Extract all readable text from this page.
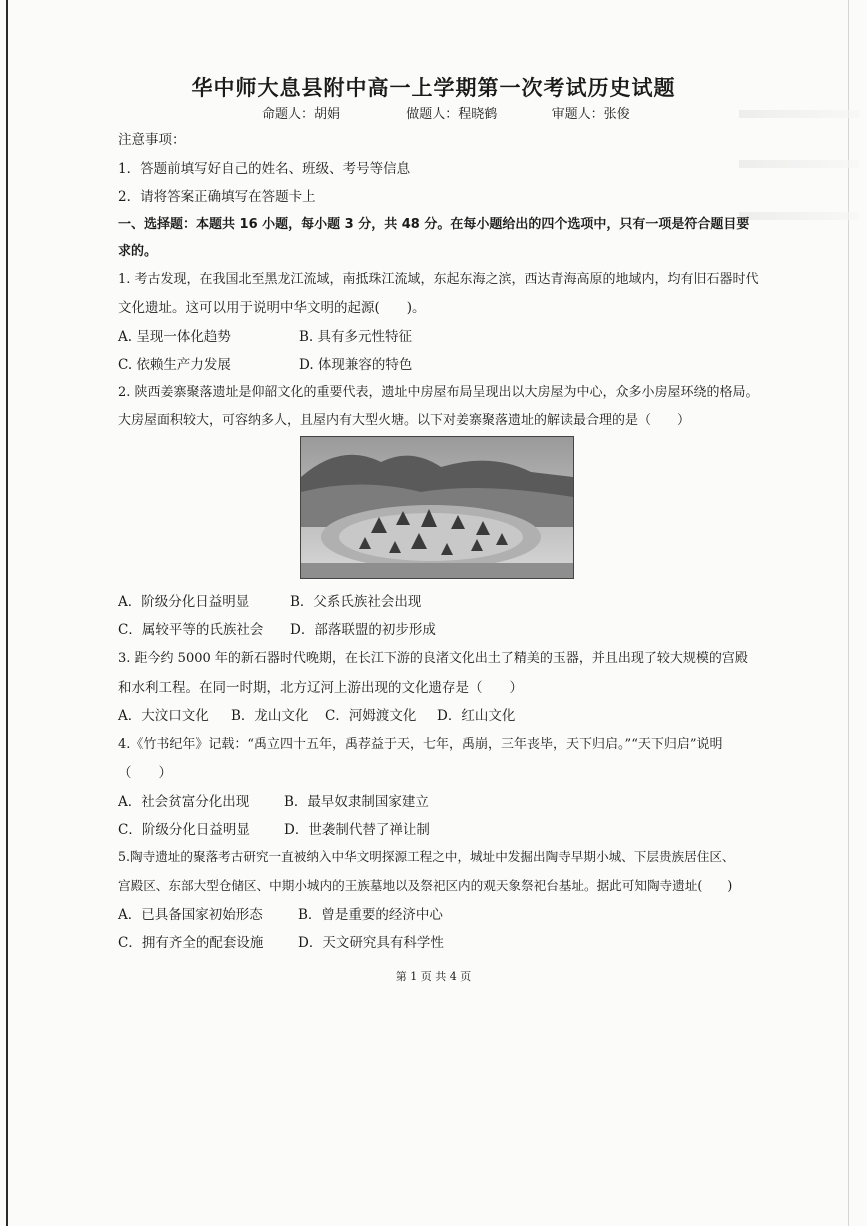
华中师大息县附中高一上学期第一次考试历史试题
命题人：胡娟	做题人：程晓鹤	审题人：张俊
注意事项：
1．答题前填写好自己的姓名、班级、考号等信息
2．请将答案正确填写在答题卡上
一、选择题：本题共 16 小题，每小题 3 分，共 48 分。在每小题给出的四个选项中，只有一项是符合题目要
求的。
1. 考古发现，在我国北至黑龙江流域，南抵珠江流域，东起东海之滨，西达青海高原的地域内，均有旧石器时代
文化遗址。这可以用于说明中华文明的起源(　　)。
A. 呈现一体化趋势	B. 具有多元性特征
C. 依赖生产力发展	D. 体现兼容的特色
2. 陕西姜寨聚落遗址是仰韶文化的重要代表，遗址中房屋布局呈现出以大房屋为中心，众多小房屋环绕的格局。
大房屋面积较大，可容纳多人，且屋内有大型火塘。以下对姜寨聚落遗址的解读最合理的是（　　）
A．阶级分化日益明显	B．父系氏族社会出现
C．属较平等的氏族社会 D．部落联盟的初步形成
3. 距今约 5000 年的新石器时代晚期，在长江下游的良渚文化出土了精美的玉器，并且出现了较大规模的宫殿
和水利工程。在同一时期，北方辽河上游出现的文化遗存是（　　）
A．大汶口文化 B．龙山文化 C．河姆渡文化 D．红山文化
4.《竹书纪年》记载：“禹立四十五年，禹荐益于天，七年，禹崩，三年丧毕，天下归启。”“天下归启”说明
（　　）
A．社会贫富分化出现	B．最早奴隶制国家建立
C．阶级分化日益明显	D．世袭制代替了禅让制
5.陶寺遗址的聚落考古研究一直被纳入中华文明探源工程之中，城址中发掘出陶寺早期小城、下层贵族居住区、
宫殿区、东部大型仓储区、中期小城内的王族墓地以及祭祀区内的观天象祭祀台基址。据此可知陶寺遗址(　　)
A．已具备国家初始形态	B．曾是重要的经济中心
C．拥有齐全的配套设施	D．天文研究具有科学性
第 1 页 共 4 页
